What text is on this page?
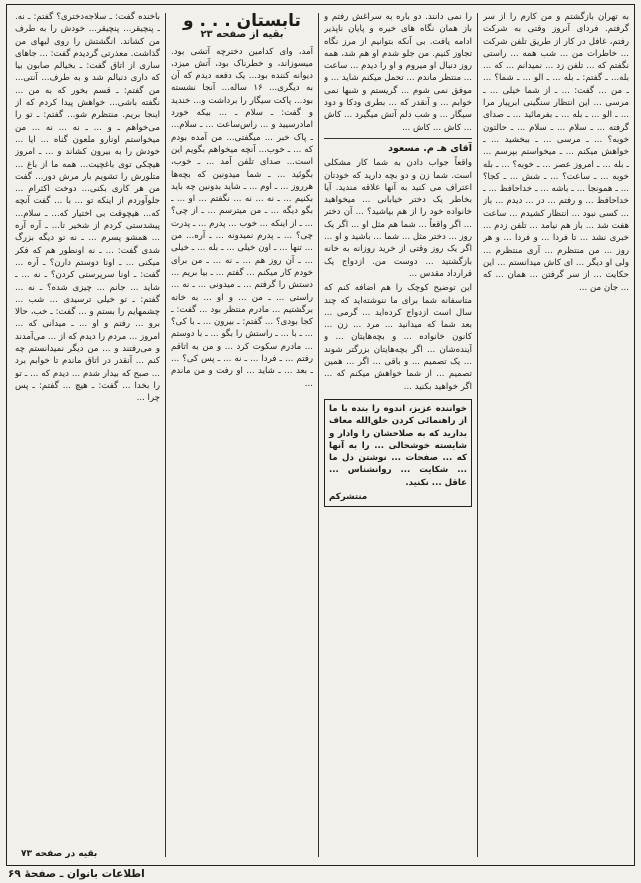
به تهران بازگشتم و من کارم را از سر گرفتم. فردای آنروز وقتی به شرکت رفتم، غافل در کار از طریق تلفن شرکت ... خاطرات من ... شب همه ... راستی نگفتم که ... تلفن زد ... نمیدانم ... که ... بله... ـ گفتم: ـ بله ... ـ الو ... ـ شما؟ ... ـ من ... گفت: ... ـ از شما خیلی ... ـ مرسی ... این انتظار سنگینی ابرپیار مرا ... ـ الو ... ـ بله ... ـ بفرمائید ... ـ صدای گرفته ... ـ سلام ... ـ سلام ... ـ حالتون خوبه؟ ... ـ مرسی ... ـ ببخشید ... ـ خواهش میکنم ... ـ میخواستم بپرسم ... ـ بله ... ـ امروز عصر ... ـ خوبه؟ ... ـ بله خوبه ... ـ ساعت؟ ... ـ شش ... ـ کجا؟ ... ـ همونجا ... ـ باشه ... ـ خداحافظ ... ـ خداحافظ ... و رفتم ... در ... دیدم ... باز ... کسی نبود ... انتظار کشیدم ... ساعت هفت شد ... باز هم نیامد ... تلفن زدم ... خبری نشد ... تا فردا ... و فردا ... و هر روز ... من منتظرم ... آری منتظرم ... ولی او دیگر ... ای کاش میدانستم ... این حکایت ... از سر گرفتن ... همان ... که ... جان من ...

را نمی دانند. دو باره به سراغش رفتم و باز همان نگاه های خیره و پایان ناپذیر ادامه یافت. بی آنکه بتوانیم از مرز نگاه تجاوز کنیم. من جلو شدم او هم شد، همه روز دنبال او میروم و او را دیدم ... ساعت ... منتظر ماندم ... تحمل میکنم شاید ... و موفق نمی شوم ... گریستم و شبها نمی خوابم ... و آنقدر که ... بطری ودکا و دود سیگار ... و شب دلم آتش میگیرد ... کاش ... کاش ... کاش ...

آقای هـ م. مسعود

واقعاً جواب دادن به شما کار مشکلی است. شما زن و دو بچه دارید که خودتان اعتراف می کنید به آنها علاقه مندید. آیا بخاطر یک دختر خیابانی ... میخواهید خانواده خود را از هم بپاشید؟ ... آن دختر ... اگر واقعاً ... شما هم مثل او ... اگر یک روز ... دختر مثل ... شما ... باشید و او ... اگر یک روز وقتی از خرید روزانه به خانه بازگشتید ... دوست من. ازدواج یک قرارداد مقدس ...

این توضیح کوچک را هم اضافه کنم که متاسفانه شما برای ما ننوشته‌اید که چند سال است ازدواج کرده‌اید ... گرمی ... بعد شما که میدانید ... مرد ... زن ... کانون خانواده ... و بچه‌هایتان ... و آینده‌شان ... اگر بچه‌هایتان بزرگتر شوند ... یک تصمیم ... و باقی ... اگر ... همین تصمیم ... از شما خواهش میکنم که ... اگر خواهید بکنید ...

خواننده عزیز، اندوه را بنده با ما از راهنمائی کردن خلق‌الله معاف بدارید که به صلاحشان را وادار و شایسته خوشحالی ... را به آنها که ... صفحات ... نوشتن دل ما ... شکایت ... روانشناس ... عاقل ... نکنید.
منتشرکم
تابستان . . . و
بقیه از صفحه ۲۳

آمد، وای کدامین دخترچه آتشی بود. میسوزاند، و خطرناک بود، آتش میزد، دیوانه کننده بود... یک دفعه دیدم که آن به دیگری... ۱۶ ساله... آنجا نشسته بود... پاکت سیگار را برداشت و... خندید و گفت: ـ سلام ـ ... بیکه خورد امادرسیید و ... راس‌ساعت ... ـ سلام... ـ پاک خبر ... میگفتی... من آمده بودم که ... ـ خوب... آنچه میخواهم بگویم این است... صدای تلفن آمد ... ـ خوب، بگوئید ... ـ شما میدونین که بچه‌ها هرروز ... ـ اوم ... ـ شاید بدونین چه باید بکنیم ... ـ نه ... نه ... نگفتم ... او ... ـ بگو دیگه ... ـ من میترسم ... ـ از چی؟ ... ـ از اینکه ... خوب ... پدرم ... ـ پدرت چی؟ ... ـ پدرم نمیدونه ... ـ آره... من ... تنها ... ـ اون خیلی ... ـ بله ... ـ خیلی ... ـ آن روز هم ... ـ نه ... ـ من برای خودم کار میکنم ... گفتم ... ـ بیا بریم ... دستش را گرفتم ... ـ میدونی ... ـ نه ... راستی ... ـ من ... و او ... به خانه برگشتیم ... مادرم منتظر بود ... گفت: ـ کجا بودی؟ ... گفتم: ـ بیرون ... ـ با کی؟ ... ـ با ... ـ راستش را بگو ... ـ با دوستم ... مادرم سکوت کرد ... و من به اتاقم رفتم ... ـ فردا ... ـ نه ... ـ پس کی؟ ... ـ بعد ... ـ شاید ... او رفت و من ماندم ...

باخنده گفت: ـ سلاجه‌دختری؟ گفتم: ـ نه. ـ پنچیقر... پنچیقر... خودش را به طرف من کشاند. انگشتش را روی لبهای من گذاشت. معذرتی گردیدم گفت: ... جاهای ساری از اتاق گفت: ـ بخیالم صابون بیا که داری دنبالم شد و به طرف... آنتی... من گفتم: ـ قسم بخور که به من ... نگفته باشی... خواهش پیدا کردم که از اینجا بریم. منتظرم شو... گفتم: ـ تو را می‌خواهم ـ و ... ـ نه ... نه ... من میخواستم اونارو ملعون گناه ... ایا ... خودش را به بیرون کشاند و ... ـ امروز هیچکی توی باغچیت... همه ما از باغ ... متلورش را تشویم بار مرش دور... گفت من هر کاری بکنی... دوخت اکثرام ... جلوآوردم از اینکه تو ... با ... گفت آنچه که... هیچوقت بی اختیار که... ـ سلام... پیشدستی کردم از شخیر تا... ـ آره آره ... همشو پسرم ... ـ نه تو دیگه بزرگ شدی گفت: ... ـ نه اونطور هم که فکر میکنی ... ـ اونا دوستم دارن؟ ـ آره ... گفت: ـ اونا سرپرستی کردن؟ ـ نه ... ـ شاید ... جانم ... چیزی شده؟ ـ نه ... گفتم: ـ تو خیلی ترسیدی ... شب ... چشمهایم را بستم و ... گفت: ـ خب، حالا برو ... رفتم و او ... ـ میدانی که ... امروز ... مردم را دیدم که از ... می‌آمدند و می‌رفتند و ... من دیگر نمیدانستم چه کنم ... آنقدر در اتاق ماندم تا خوابم برد ... صبح که بیدار شدم ... دیدم که ... ـ تو را بخدا ... گفت: ـ هیچ ... گفتم: ـ پس چرا ...

بقیه در صفحه ۷۳
اطلاعات بانوان ـ صفحهٔ ۶۹
